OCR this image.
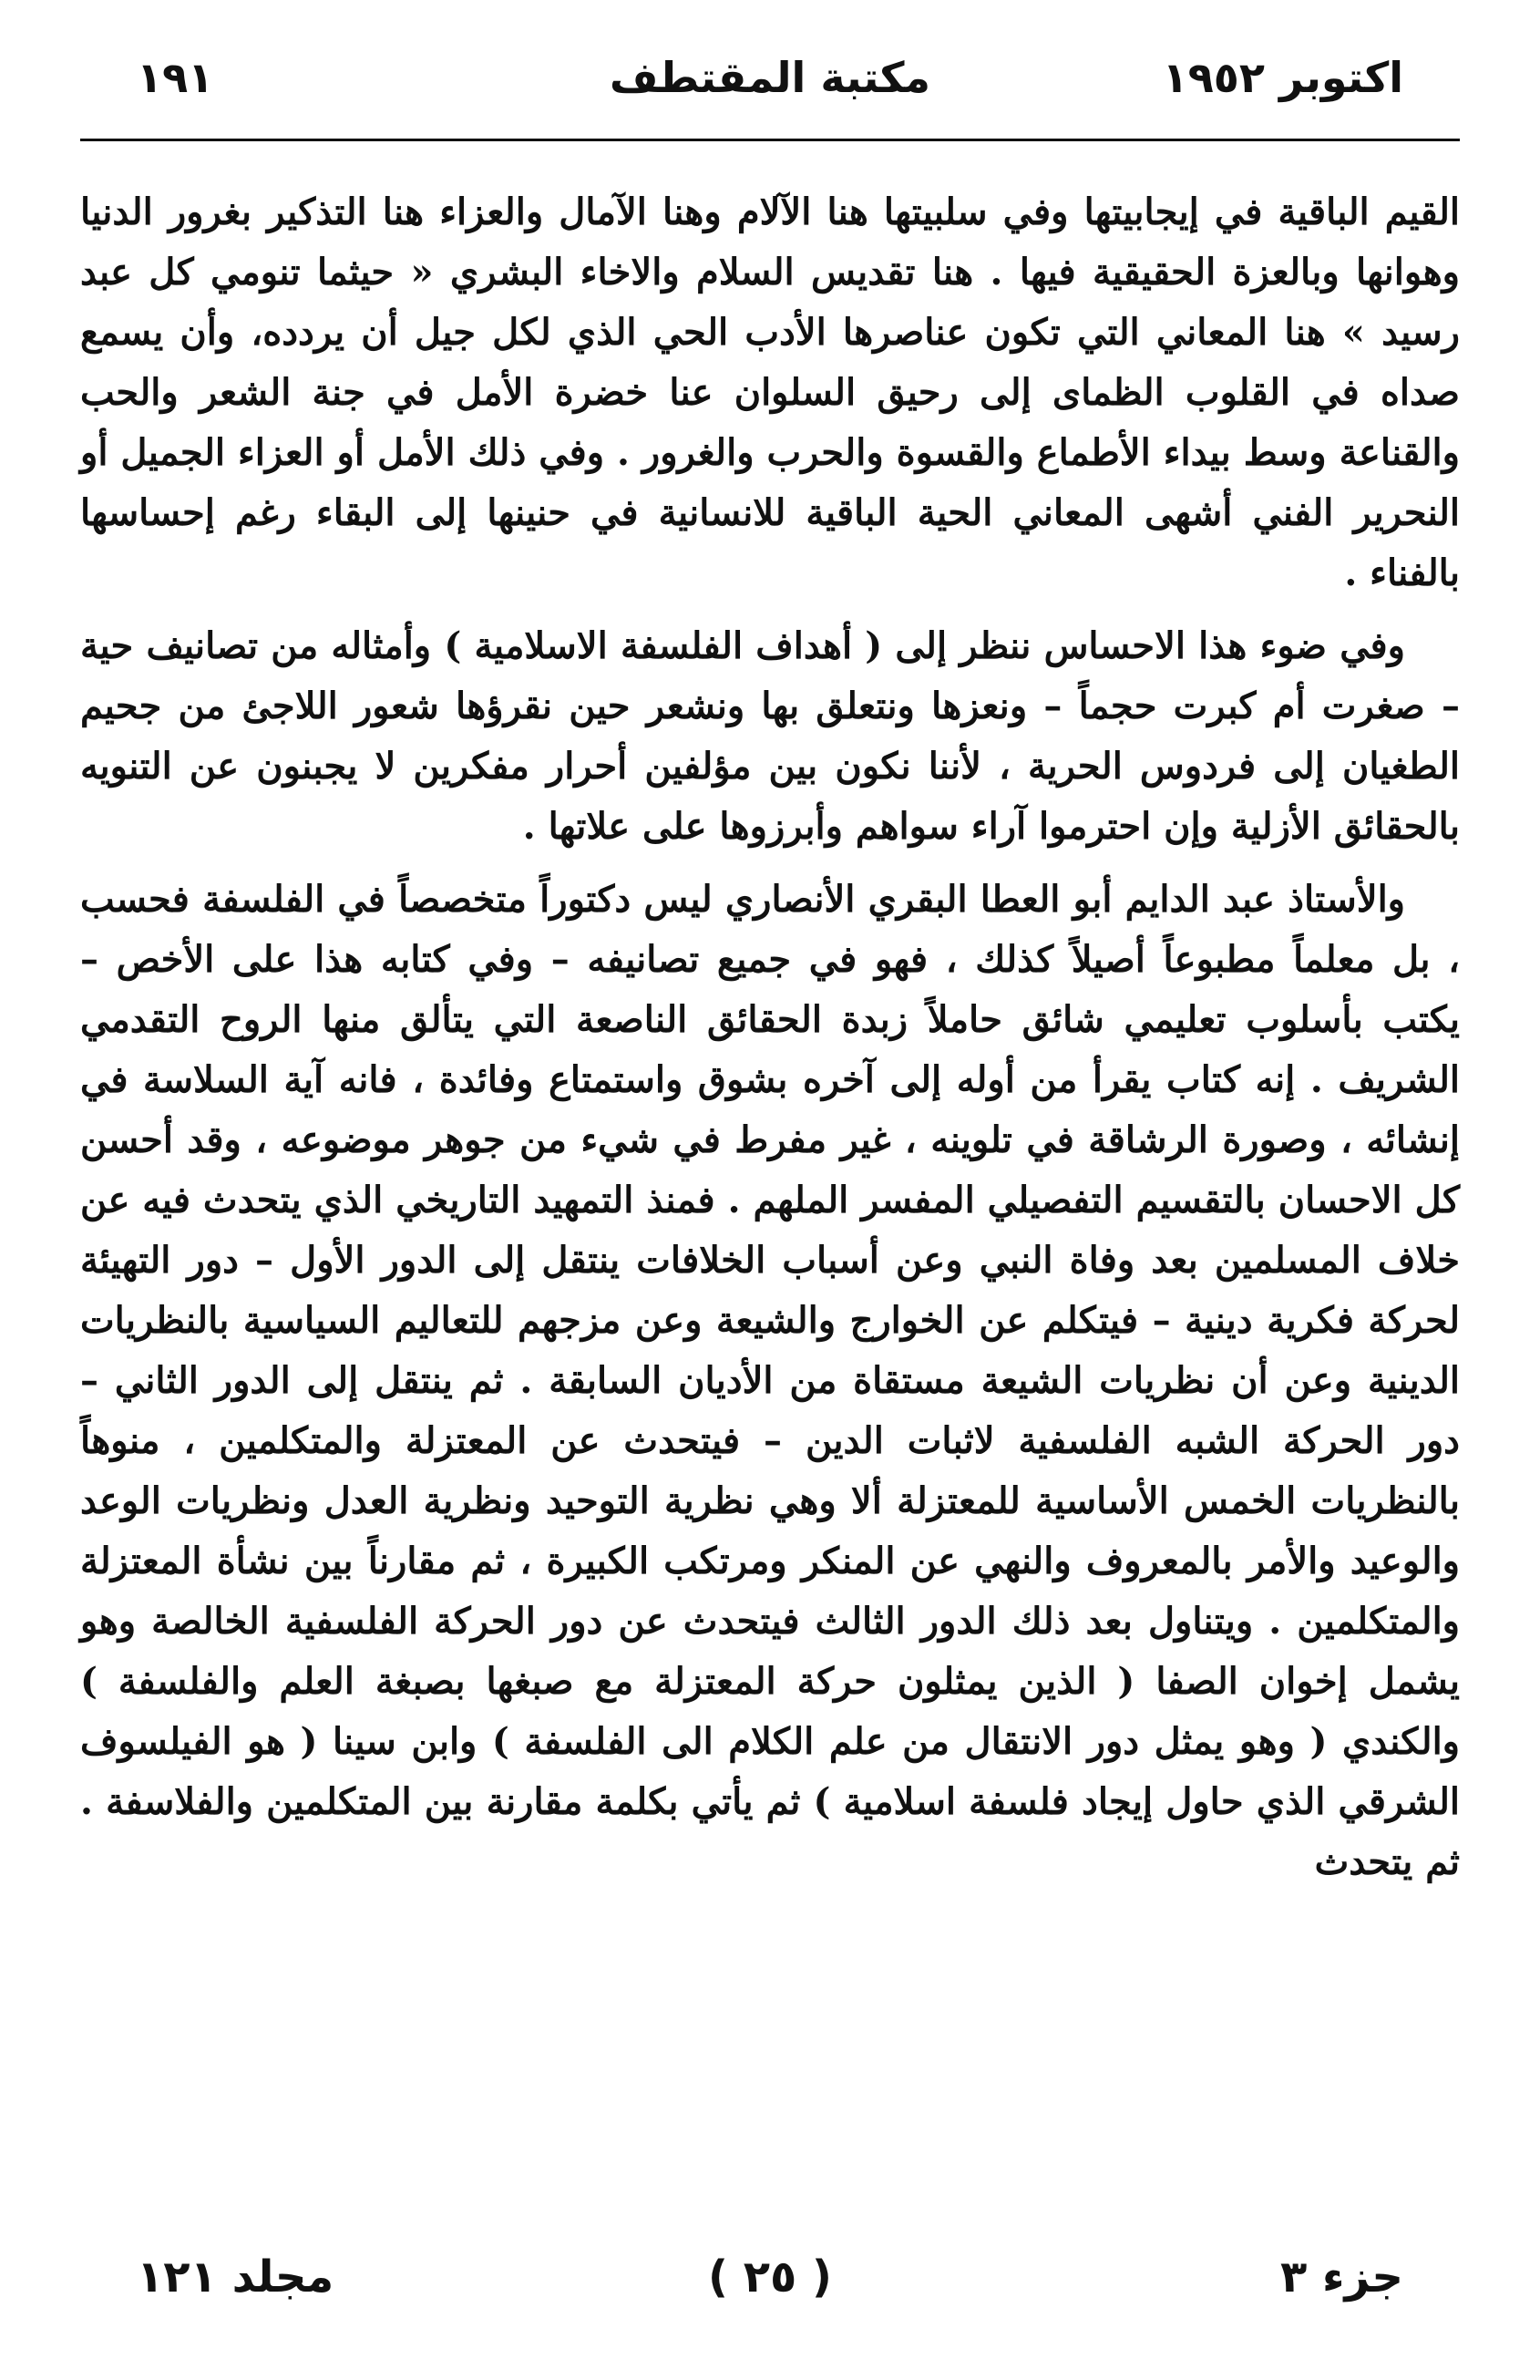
اكتوبر ١٩٥٢
مكتبة المقتطف
١٩١

القيم الباقية في إيجابيتها وفي سلبيتها هنا الآلام وهنا الآمال والعزاء هنا التذكير بغرور الدنيا وهوانها وبالعزة الحقيقية فيها . هنا تقديس السلام والاخاء البشري « حيثما تنومي كل عبد رسيد » هنا المعاني التي تكون عناصرها الأدب الحي الذي لكل جيل أن يردده، وأن يسمع صداه في القلوب الظماى إلى رحيق السلوان عنا خضرة الأمل في جنة الشعر والحب والقناعة وسط بيداء الأطماع والقسوة والحرب والغرور . وفي ذلك الأمل أو العزاء الجميل أو النحرير الفني أشهى المعاني الحية الباقية للانسانية في حنينها إلى البقاء رغم إحساسها بالفناء .

وفي ضوء هذا الاحساس ننظر إلى ( أهداف الفلسفة الاسلامية ) وأمثاله من تصانيف حية – صغرت أم كبرت حجماً – ونعزها ونتعلق بها ونشعر حين نقرؤها شعور اللاجئ من جحيم الطغيان إلى فردوس الحرية ، لأننا نكون بين مؤلفين أحرار مفكرين لا يجبنون عن التنويه بالحقائق الأزلية وإن احترموا آراء سواهم وأبرزوها على علاتها .

والأستاذ عبد الدايم أبو العطا البقري الأنصاري ليس دكتوراً متخصصاً في الفلسفة فحسب ، بل معلماً مطبوعاً أصيلاً كذلك ، فهو في جميع تصانيفه – وفي كتابه هذا على الأخص – يكتب بأسلوب تعليمي شائق حاملاً زبدة الحقائق الناصعة التي يتألق منها الروح التقدمي الشريف . إنه كتاب يقرأ من أوله إلى آخره بشوق واستمتاع وفائدة ، فانه آية السلاسة في إنشائه ، وصورة الرشاقة في تلوينه ، غير مفرط في شيء من جوهر موضوعه ، وقد أحسن كل الاحسان بالتقسيم التفصيلي المفسر الملهم . فمنذ التمهيد التاريخي الذي يتحدث فيه عن خلاف المسلمين بعد وفاة النبي وعن أسباب الخلافات ينتقل إلى الدور الأول – دور التهيئة لحركة فكرية دينية – فيتكلم عن الخوارج والشيعة وعن مزجهم للتعاليم السياسية بالنظريات الدينية وعن أن نظريات الشيعة مستقاة من الأديان السابقة . ثم ينتقل إلى الدور الثاني – دور الحركة الشبه الفلسفية لاثبات الدين – فيتحدث عن المعتزلة والمتكلمين ، منوهاً بالنظريات الخمس الأساسية للمعتزلة ألا وهي نظرية التوحيد ونظرية العدل ونظريات الوعد والوعيد والأمر بالمعروف والنهي عن المنكر ومرتكب الكبيرة ، ثم مقارناً بين نشأة المعتزلة والمتكلمين . ويتناول بعد ذلك الدور الثالث فيتحدث عن دور الحركة الفلسفية الخالصة وهو يشمل إخوان الصفا ( الذين يمثلون حركة المعتزلة مع صبغها بصبغة العلم والفلسفة ) والكندي ( وهو يمثل دور الانتقال من علم الكلام الى الفلسفة ) وابن سينا ( هو الفيلسوف الشرقي الذي حاول إيجاد فلسفة اسلامية ) ثم يأتي بكلمة مقارنة بين المتكلمين والفلاسفة . ثم يتحدث

جزء ٣
( ٢٥ )
مجلد ١٢١
